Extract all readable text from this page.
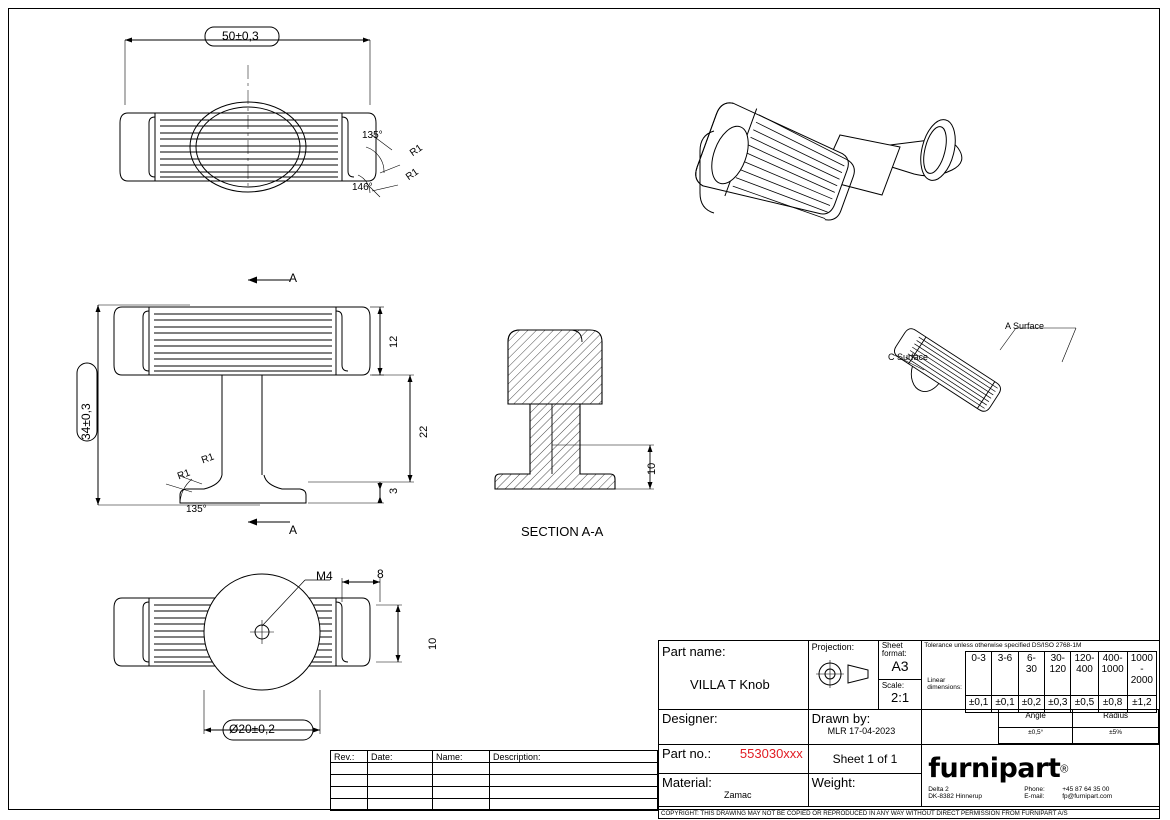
50±0,3
135°
146°
R1
R1
34±0,3
12
22
3
A
A
R1
R1
135°
10
SECTION A-A
M4	8
10
Ø20±0,2
A Surface
C Surface
Rev.:	Date:	Name:	Description:

Part name:
VILLA T Knob

Projection:	Sheet format:
A3

Tolerance unless otherwise specified DS/ISO 2768-1M
Linear dimensions:	
0-3	3-6	6-30	30-120	120-400	400-1000	1000 - 2000
±0,1	±0,1	±0,2	±0,3	±0,5	±0,8	±1,2

Scale:
2:1

Designer:	Drawn by:
MLR 17-04-2023

	Angle	Radius
	±0,5°	±5%

Part no.: 553030xxx	Sheet 1 of 1	furnipart®
Delta 2
DK-8382 Hinnerup
Phone:
E-mail:
+45 87 64 35 00
fp@furnipart.com

Material:
Zamac

Weight:

COPYRIGHT: THIS DRAWING MAY NOT BE COPIED OR REPRODUCED IN ANY WAY WITHOUT DIRECT PERMISSION FROM FURNIPART A/S
